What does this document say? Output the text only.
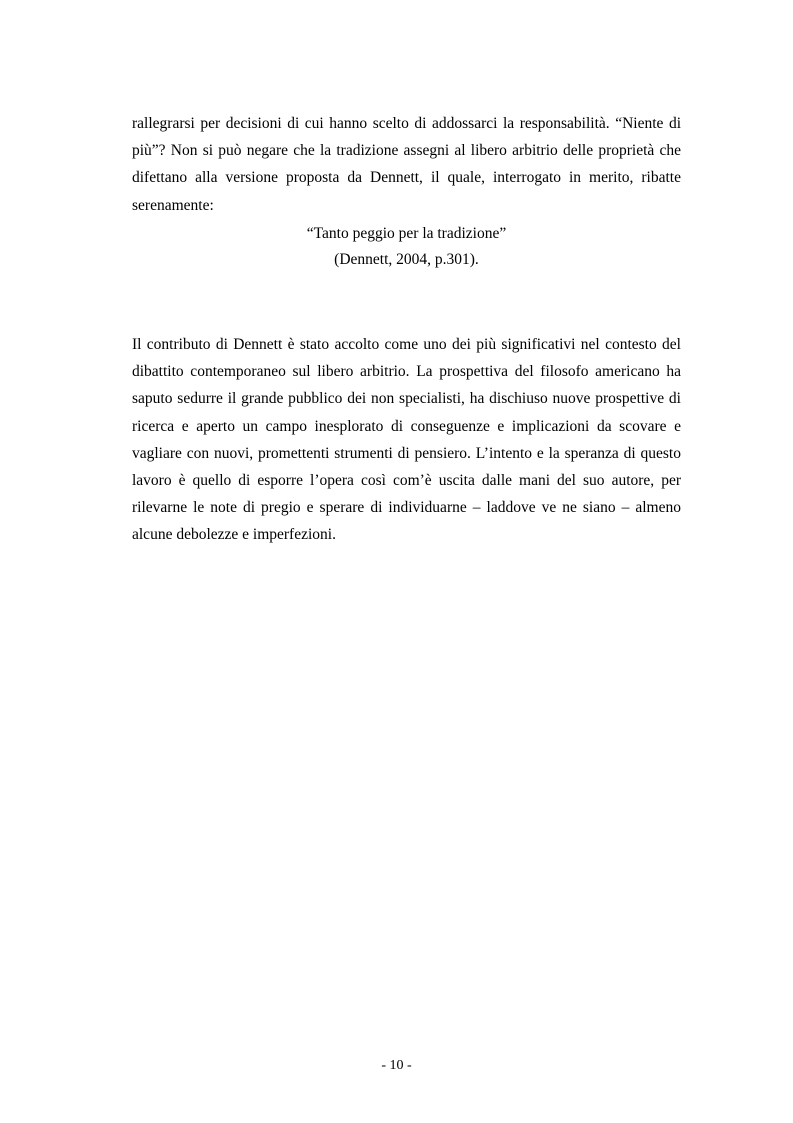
rallegrarsi per decisioni di cui hanno scelto di addossarci la responsabilità. “Niente di più”? Non si può negare che la tradizione assegni al libero arbitrio delle proprietà che difettano alla versione proposta da Dennett, il quale, interrogato in merito, ribatte serenamente:

“Tanto peggio per la tradizione”

(Dennett, 2004, p.301).

Il contributo di Dennett è stato accolto come uno dei più significativi nel contesto del dibattito contemporaneo sul libero arbitrio. La prospettiva del filosofo americano ha saputo sedurre il grande pubblico dei non specialisti, ha dischiuso nuove prospettive di ricerca e aperto un campo inesplorato di conseguenze e implicazioni da scovare e vagliare con nuovi, promettenti strumenti di pensiero. L’intento e la speranza di questo lavoro è quello di esporre l’opera così com’è uscita dalle mani del suo autore, per rilevarne le note di pregio e sperare di individuarne – laddove ve ne siano – almeno alcune debolezze e imperfezioni.

- 10 -
